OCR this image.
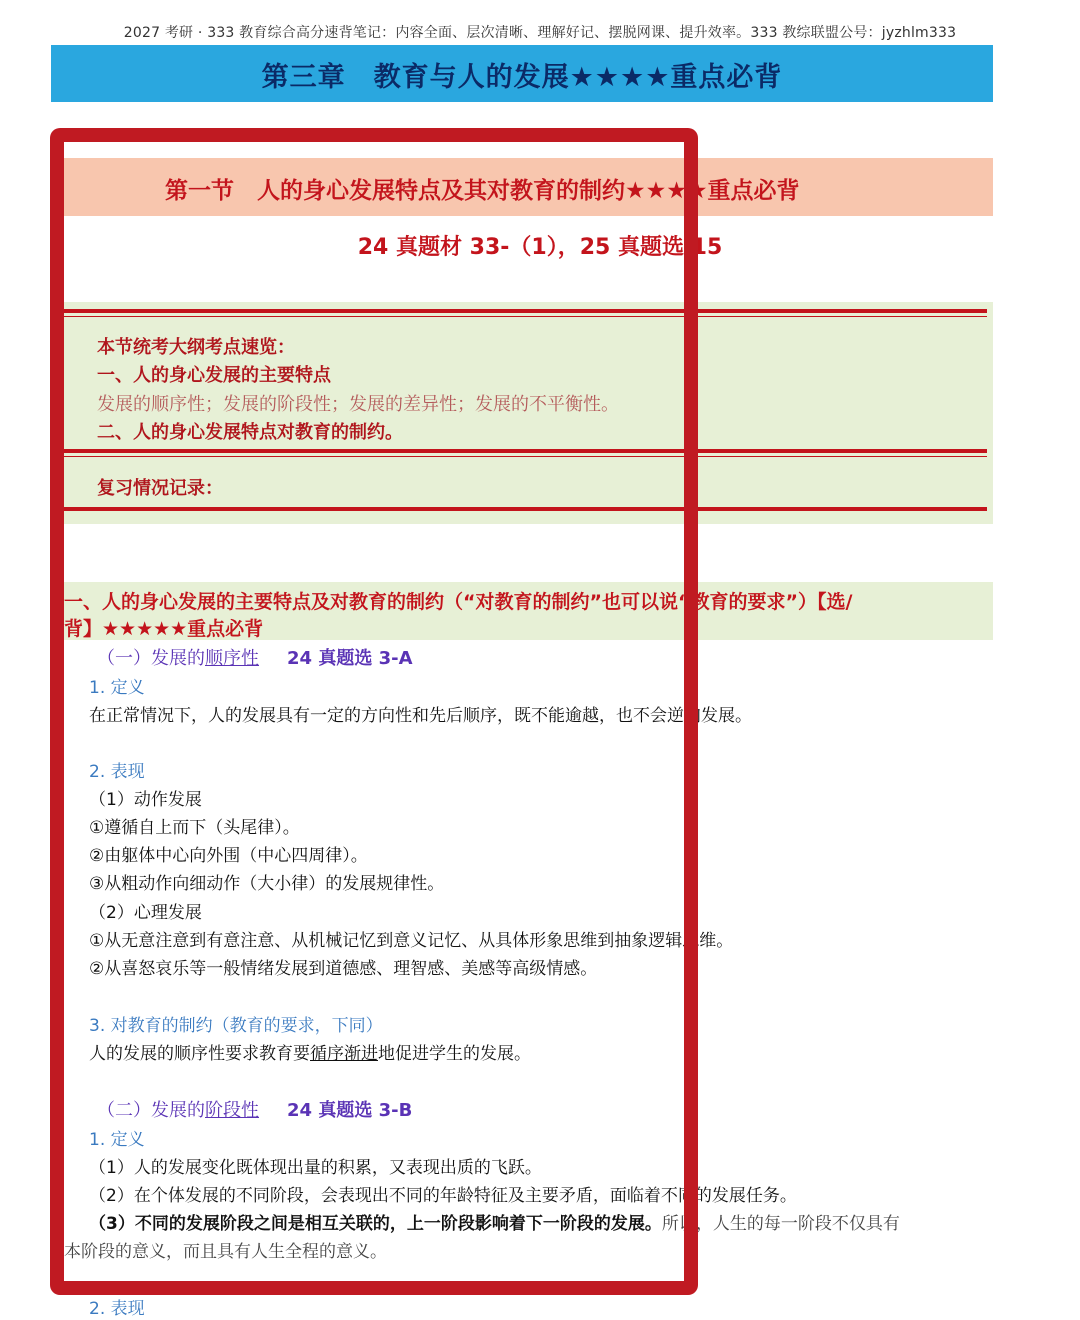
2027 考研 · 333 教育综合高分速背笔记：内容全面、层次清晰、理解好记、摆脱网课、提升效率。333 教综联盟公号：jyzhlm333
第三章　教育与人的发展★★★★重点必背
第一节　人的身心发展特点及其对教育的制约★★★★重点必背
24 真题材 33-（1），25 真题选 15
本节统考大纲考点速览：
一、人的身心发展的主要特点
发展的顺序性；发展的阶段性；发展的差异性；发展的不平衡性。
二、人的身心发展特点对教育的制约。
复习情况记录：
一、人的身心发展的主要特点及对教育的制约（“对教育的制约”也可以说“教育的要求”）【选/
背】★★★★★重点必背
（一）发展的顺序性 24 真题选 3-A
1. 定义
在正常情况下，人的发展具有一定的方向性和先后顺序，既不能逾越，也不会逆向发展。
2. 表现
（1）动作发展
①遵循自上而下（头尾律）。
②由躯体中心向外围（中心四周律）。
③从粗动作向细动作（大小律）的发展规律性。
（2）心理发展
①从无意注意到有意注意、从机械记忆到意义记忆、从具体形象思维到抽象逻辑思维。
②从喜怒哀乐等一般情绪发展到道德感、理智感、美感等高级情感。
3. 对教育的制约（教育的要求，下同）
人的发展的顺序性要求教育要循序渐进地促进学生的发展。
（二）发展的阶段性 24 真题选 3-B
1. 定义
（1）人的发展变化既体现出量的积累，又表现出质的飞跃。
（2）在个体发展的不同阶段，会表现出不同的年龄特征及主要矛盾，面临着不同的发展任务。
（3）不同的发展阶段之间是相互关联的，上一阶段影响着下一阶段的发展。所以，人生的每一阶段不仅具有
本阶段的意义，而且具有人生全程的意义。
2. 表现
